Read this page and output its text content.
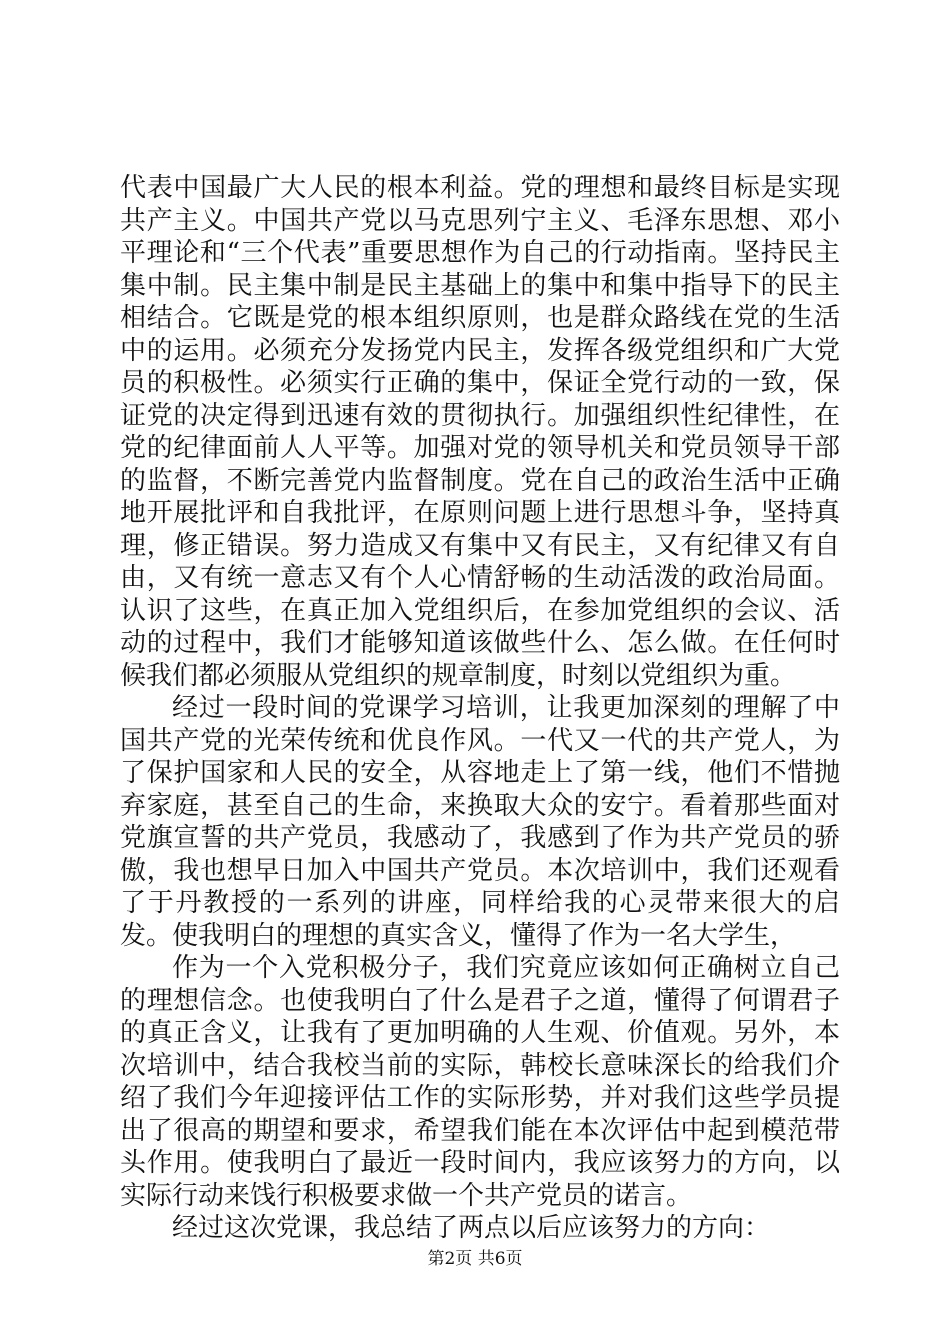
代表中国最广大人民的根本利益。党的理想和最终目标是实现共产主义。中国共产党以马克思列宁主义、毛泽东思想、邓小平理论和“三个代表”重要思想作为自己的行动指南。坚持民主集中制。民主集中制是民主基础上的集中和集中指导下的民主相结合。它既是党的根本组织原则，也是群众路线在党的生活中的运用。必须充分发扬党内民主，发挥各级党组织和广大党员的积极性。必须实行正确的集中，保证全党行动的一致，保证党的决定得到迅速有效的贯彻执行。加强组织性纪律性，在党的纪律面前人人平等。加强对党的领导机关和党员领导干部的监督，不断完善党内监督制度。党在自己的政治生活中正确地开展批评和自我批评，在原则问题上进行思想斗争，坚持真理，修正错误。努力造成又有集中又有民主，又有纪律又有自由，又有统一意志又有个人心情舒畅的生动活泼的政治局面。认识了这些，在真正加入党组织后，在参加党组织的会议、活动的过程中，我们才能够知道该做些什么、怎么做。在任何时候我们都必须服从党组织的规章制度，时刻以党组织为重。

经过一段时间的党课学习培训，让我更加深刻的理解了中国共产党的光荣传统和优良作风。一代又一代的共产党人，为了保护国家和人民的安全，从容地走上了第一线，他们不惜抛弃家庭，甚至自己的生命，来换取大众的安宁。看着那些面对党旗宣誓的共产党员，我感动了，我感到了作为共产党员的骄傲，我也想早日加入中国共产党员。本次培训中，我们还观看了于丹教授的一系列的讲座，同样给我的心灵带来很大的启发。使我明白的理想的真实含义，懂得了作为一名大学生，

作为一个入党积极分子，我们究竟应该如何正确树立自己的理想信念。也使我明白了什么是君子之道，懂得了何谓君子的真正含义，让我有了更加明确的人生观、价值观。另外，本次培训中，结合我校当前的实际，韩校长意味深长的给我们介绍了我们今年迎接评估工作的实际形势，并对我们这些学员提出了很高的期望和要求，希望我们能在本次评估中起到模范带头作用。使我明白了最近一段时间内，我应该努力的方向，以实际行动来饯行积极要求做一个共产党员的诺言。

经过这次党课，我总结了两点以后应该努力的方向：

第2页 共6页
